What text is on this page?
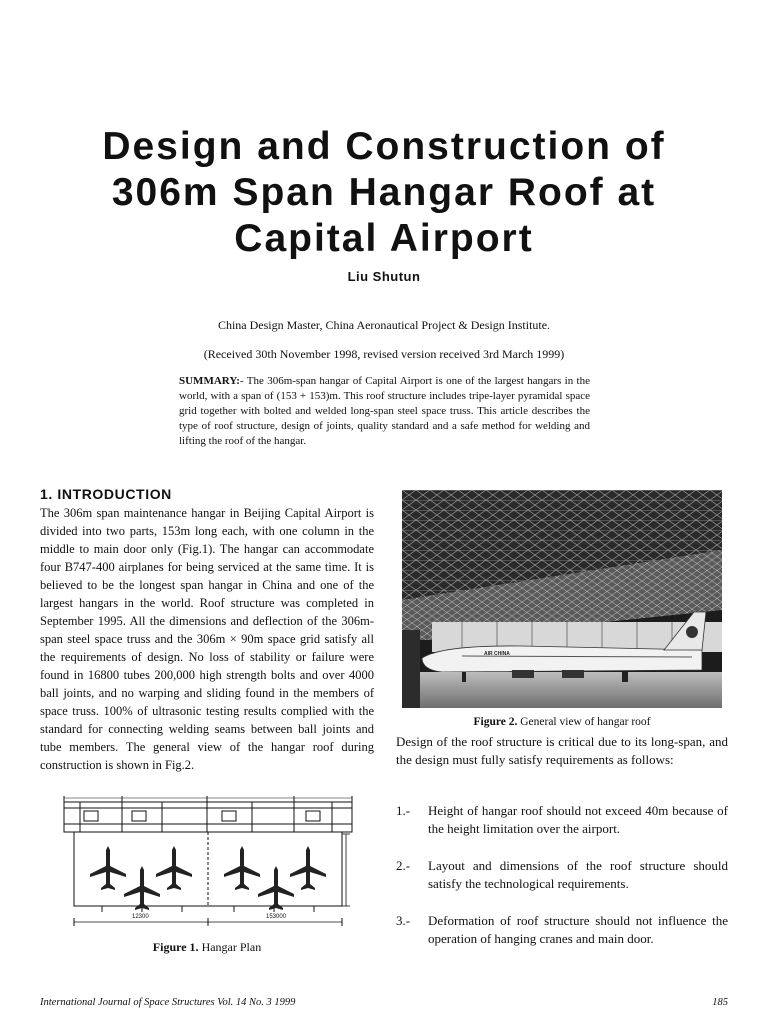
Design and Construction of
306m Span Hangar Roof at
Capital Airport
Liu Shutun
China Design Master, China Aeronautical Project & Design Institute.
(Received 30th November 1998, revised version received 3rd March 1999)
SUMMARY:- The 306m-span hangar of Capital Airport is one of the largest hangars in the world, with a span of (153 + 153)m. This roof structure includes tripe-layer pyramidal space grid together with bolted and welded long-span steel space truss. This article describes the type of roof structure, design of joints, quality standard and a safe method for welding and lifting the roof of the hangar.
1. INTRODUCTION

The 306m span maintenance hangar in Beijing Capital Airport is divided into two parts, 153m long each, with one column in the middle to main door only (Fig.1). The hangar can accommodate four B747-400 airplanes for being serviced at the same time. It is believed to be the longest span hangar in China and one of the largest hangars in the world. Roof structure was completed in September 1995. All the dimensions and deflection of the 306m-span steel space truss and the 306m × 90m space grid satisfy all the requirements of design. No loss of stability or failure were found in 16800 tubes 200,000 high strength bolts and over 4000 ball joints, and no warping and sliding found in the members of space truss. 100% of ultrasonic testing results complied with the standard for connecting welding seams between ball joints and tube members. The general view of the hangar roof during construction is shown in Fig.2.

12300	153000
Figure 1. Hangar Plan
AIR CHINA
Figure 2. General view of hangar roof

Design of the roof structure is critical due to its long-span, and the design must fully satisfy requirements as follows:

1.-	Height of hangar roof should not exceed 40m because of the height limitation over the airport.
2.-	Layout and dimensions of the roof structure should satisfy the technological requirements.
3.-	Deformation of roof structure should not influence the operation of hanging cranes and main door.
International Journal of Space Structures Vol. 14 No. 3 1999	185
